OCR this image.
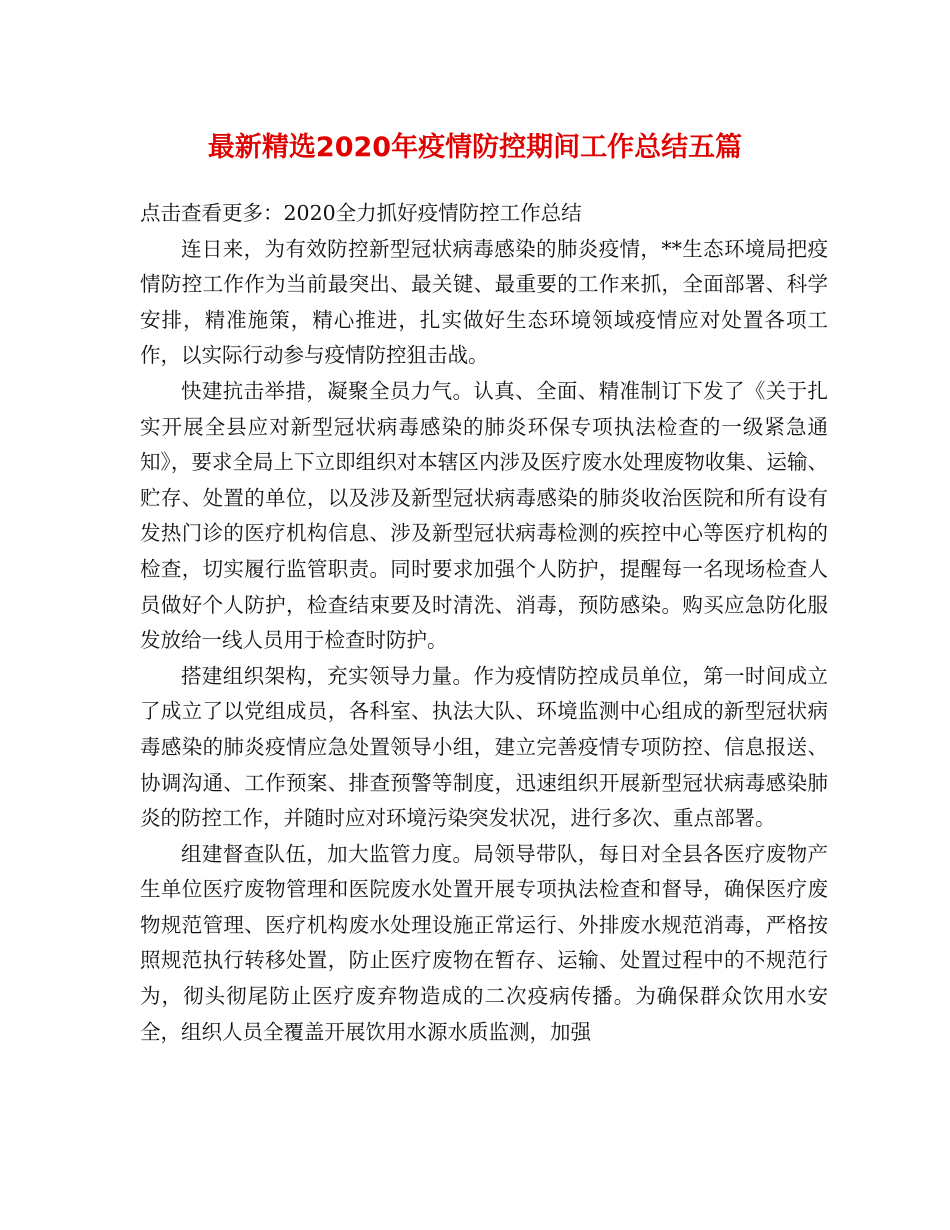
最新精选2020年疫情防控期间工作总结五篇

点击查看更多：2020全力抓好疫情防控工作总结

连日来，为有效防控新型冠状病毒感染的肺炎疫情，**生态环境局把疫情防控工作作为当前最突出、最关键、最重要的工作来抓，全面部署、科学安排，精准施策，精心推进，扎实做好生态环境领域疫情应对处置各项工作，以实际行动参与疫情防控狙击战。

快建抗击举措，凝聚全员力气。认真、全面、精准制订下发了《关于扎实开展全县应对新型冠状病毒感染的肺炎环保专项执法检查的一级紧急通知》，要求全局上下立即组织对本辖区内涉及医疗废水处理废物收集、运输、贮存、处置的单位，以及涉及新型冠状病毒感染的肺炎收治医院和所有设有发热门诊的医疗机构信息、涉及新型冠状病毒检测的疾控中心等医疗机构的检查，切实履行监管职责。同时要求加强个人防护，提醒每一名现场检查人员做好个人防护，检查结束要及时清洗、消毒，预防感染。购买应急防化服发放给一线人员用于检查时防护。

搭建组织架构，充实领导力量。作为疫情防控成员单位，第一时间成立了成立了以党组成员，各科室、执法大队、环境监测中心组成的新型冠状病毒感染的肺炎疫情应急处置领导小组，建立完善疫情专项防控、信息报送、协调沟通、工作预案、排查预警等制度，迅速组织开展新型冠状病毒感染肺炎的防控工作，并随时应对环境污染突发状况，进行多次、重点部署。

组建督查队伍，加大监管力度。局领导带队，每日对全县各医疗废物产生单位医疗废物管理和医院废水处置开展专项执法检查和督导，确保医疗废物规范管理、医疗机构废水处理设施正常运行、外排废水规范消毒，严格按照规范执行转移处置，防止医疗废物在暂存、运输、处置过程中的不规范行为，彻头彻尾防止医疗废弃物造成的二次疫病传播。为确保群众饮用水安全，组织人员全覆盖开展饮用水源水质监测，加强
